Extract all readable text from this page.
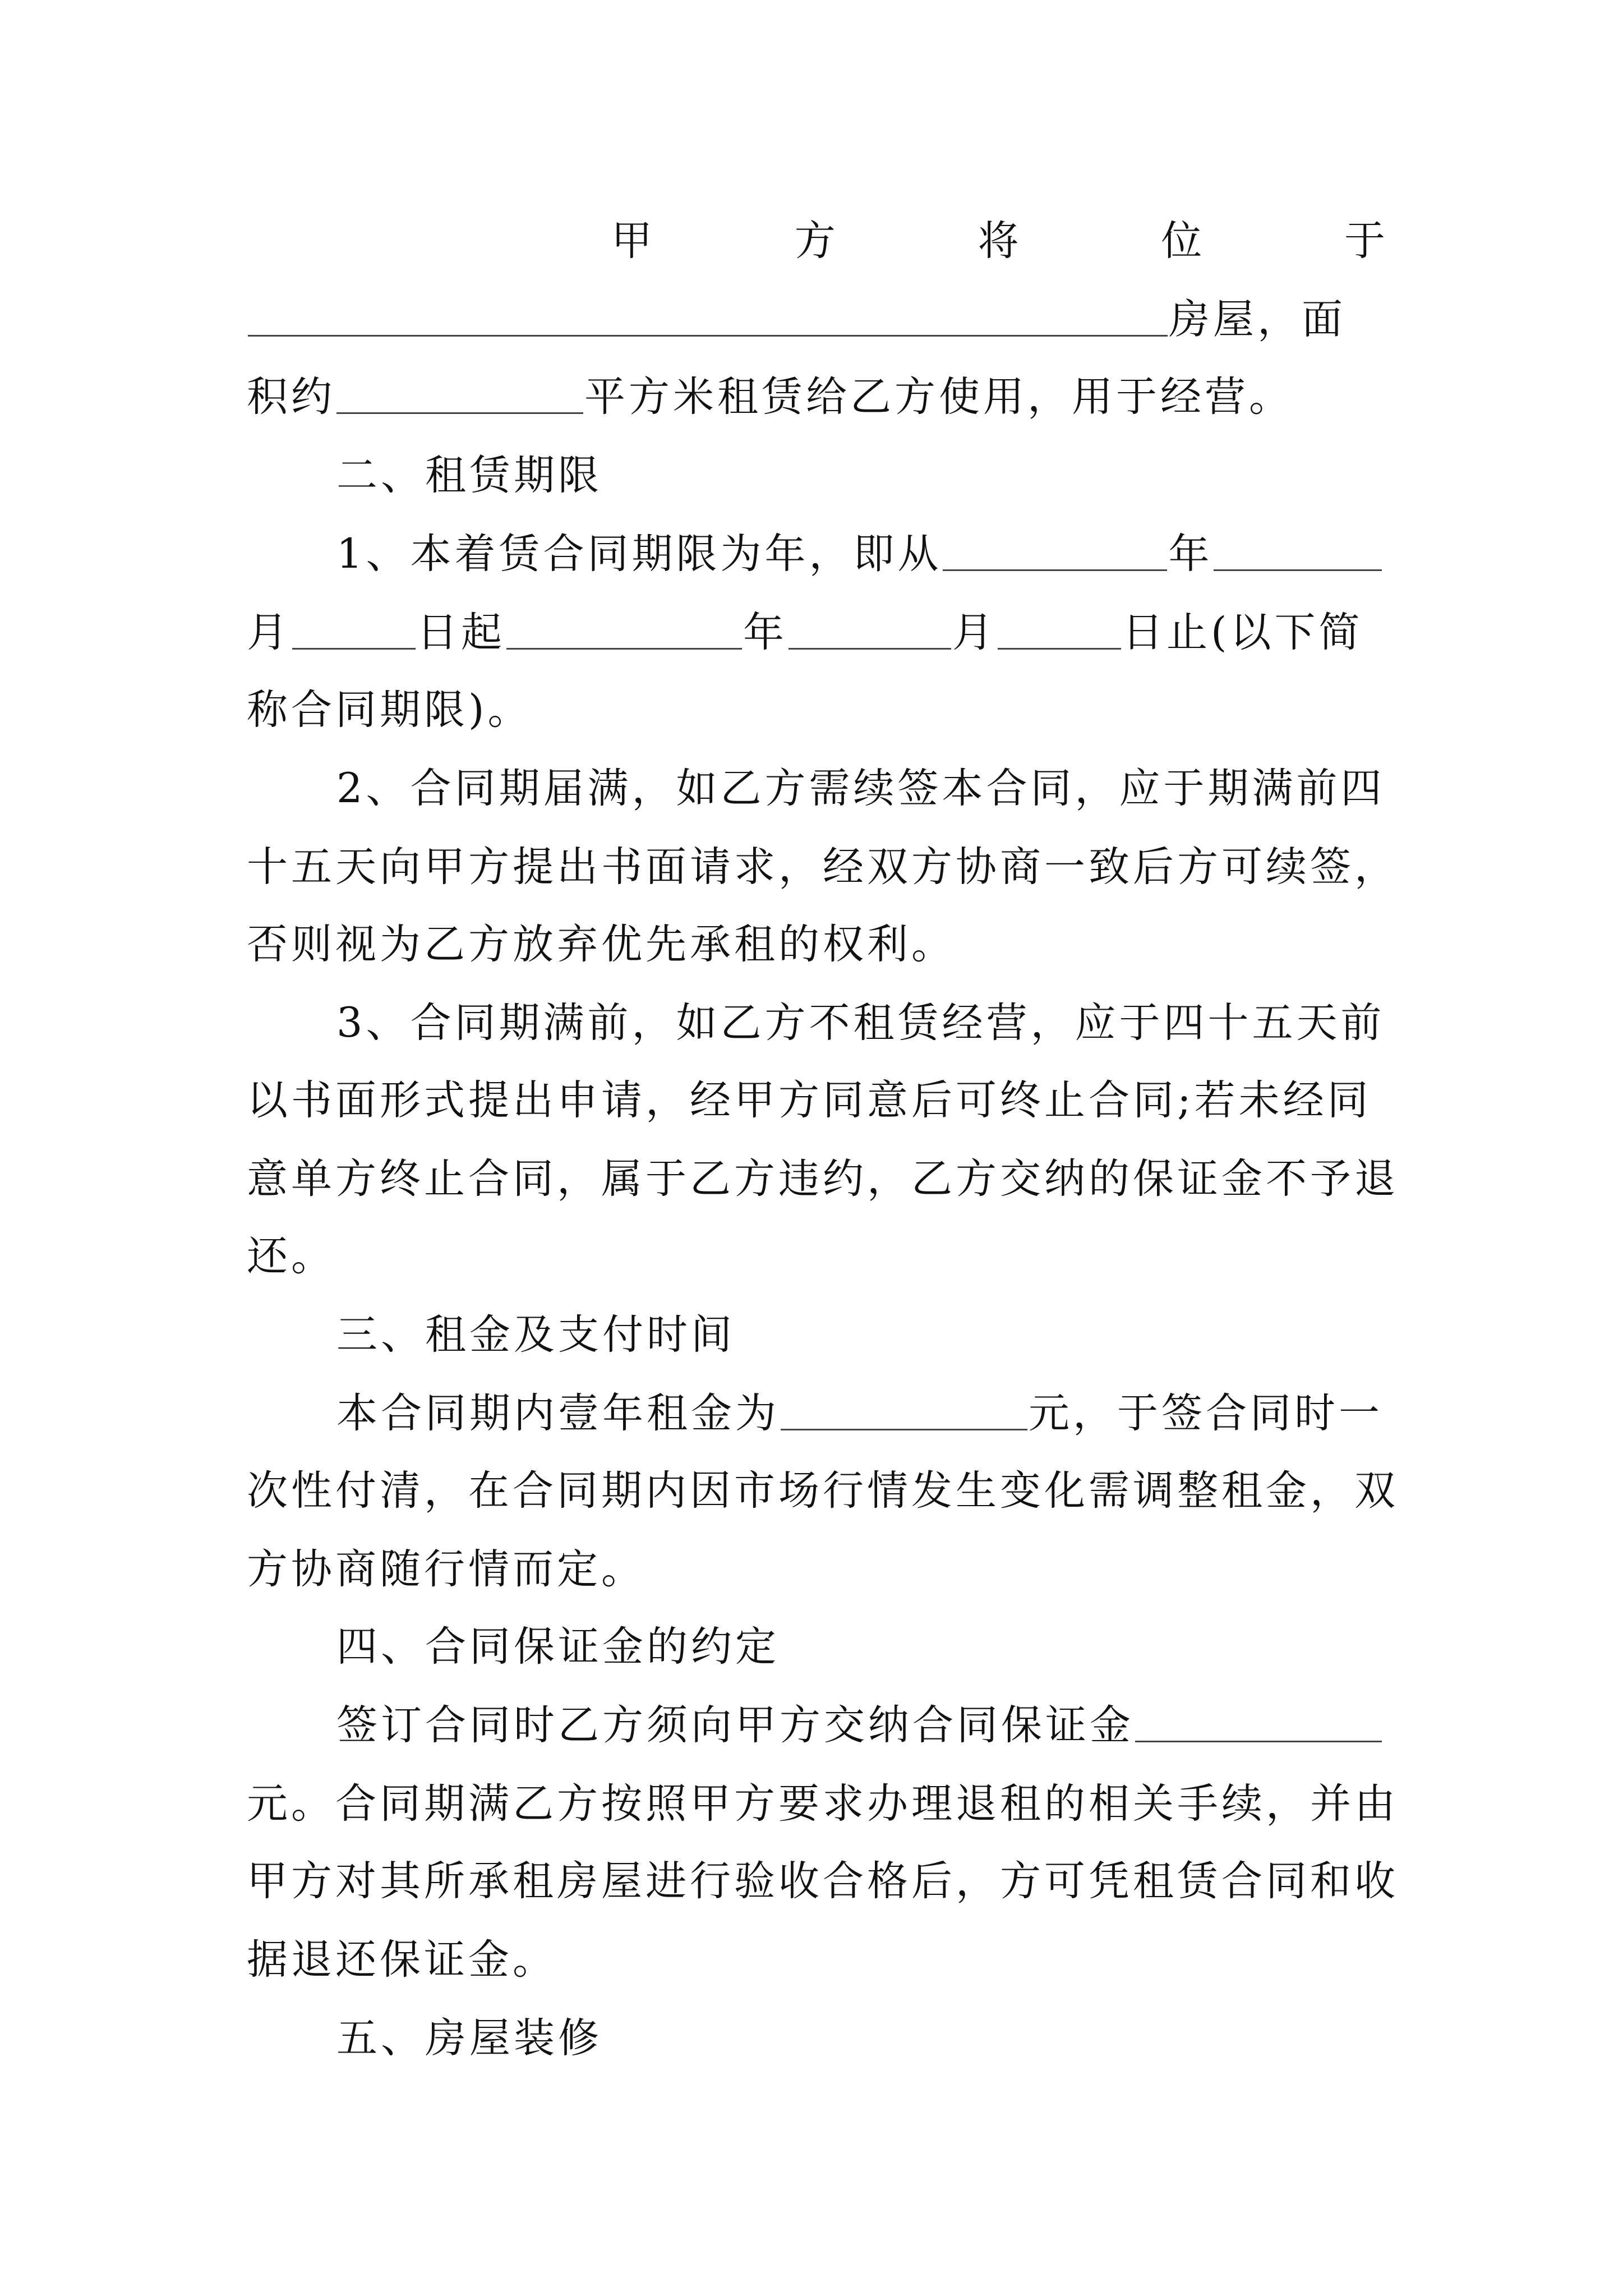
甲	方	将	位	于
房屋，面
积约	平方米租赁给乙方使用，用于经营。
二、租赁期限
1、本着赁合同期限为年，即从	年
月	日起	年	月	日止(以下简
称合同期限)。
2、合同期届满，如乙方需续签本合同，应于期满前四
十五天向甲方提出书面请求，经双方协商一致后方可续签，
否则视为乙方放弃优先承租的权利。
3、合同期满前，如乙方不租赁经营，应于四十五天前
以书面形式提出申请，经甲方同意后可终止合同;若未经同
意单方终止合同，属于乙方违约，乙方交纳的保证金不予退
还。
三、租金及支付时间
本合同期内壹年租金为	元，于签合同时一
次性付清，在合同期内因市场行情发生变化需调整租金，双
方协商随行情而定。
四、合同保证金的约定
签订合同时乙方须向甲方交纳合同保证金
元。合同期满乙方按照甲方要求办理退租的相关手续，并由
甲方对其所承租房屋进行验收合格后，方可凭租赁合同和收
据退还保证金。
五、房屋装修
